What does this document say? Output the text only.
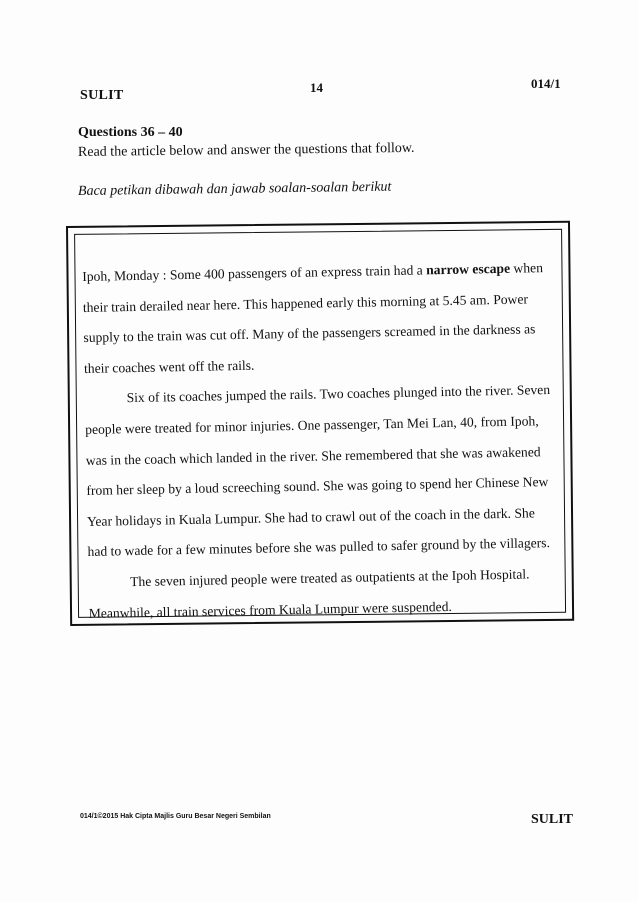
SULIT
14	014/1
Questions 36 – 40
Read the article below and answer the questions that follow.
Baca petikan dibawah dan jawab soalan-soalan berikut

Ipoh, Monday : Some 400 passengers of an express train had a narrow escape when their train derailed near here. This happened early this morning at 5.45 am. Power supply to the train was cut off. Many of the passengers screamed in the darkness as their coaches went off the rails.

Six of its coaches jumped the rails. Two coaches plunged into the river. Seven people were treated for minor injuries. One passenger, Tan Mei Lan, 40, from Ipoh, was in the coach which landed in the river. She remembered that she was awakened from her sleep by a loud screeching sound. She was going to spend her Chinese New Year holidays in Kuala Lumpur. She had to crawl out of the coach in the dark. She had to wade for a few minutes before she was pulled to safer ground by the villagers.

The seven injured people were treated as outpatients at the Ipoh Hospital. Meanwhile, all train services from Kuala Lumpur were suspended.

014/1©2015 Hak Cipta Majlis Guru Besar Negeri Sembilan	SULIT
